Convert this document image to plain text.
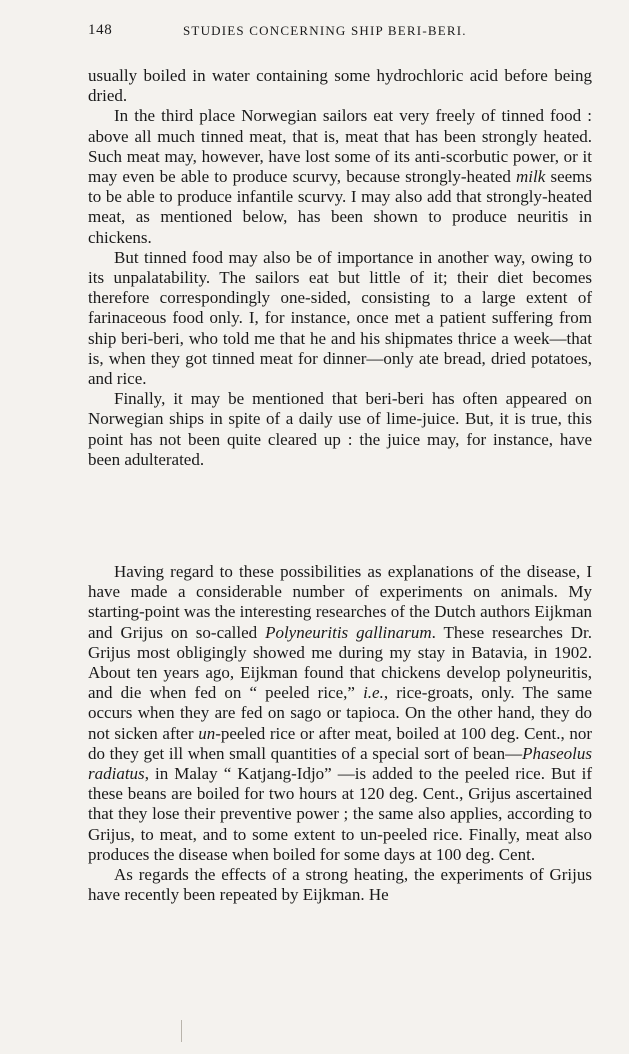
148	STUDIES CONCERNING SHIP BERI-BERI.

usually boiled in water containing some hydrochloric acid before being dried.

In the third place Norwegian sailors eat very freely of tinned food : above all much tinned meat, that is, meat that has been strongly heated. Such meat may, however, have lost some of its anti-scorbutic power, or it may even be able to produce scurvy, because strongly-heated milk seems to be able to produce infantile scurvy. I may also add that strongly-heated meat, as mentioned below, has been shown to produce neuritis in chickens.

But tinned food may also be of importance in another way, owing to its unpalatability. The sailors eat but little of it; their diet becomes therefore correspondingly one-sided, consisting to a large extent of farinaceous food only. I, for instance, once met a patient suffering from ship beri-beri, who told me that he and his shipmates thrice a week—that is, when they got tinned meat for dinner—only ate bread, dried potatoes, and rice.

Finally, it may be mentioned that beri-beri has often appeared on Norwegian ships in spite of a daily use of lime-juice. But, it is true, this point has not been quite cleared up : the juice may, for instance, have been adulterated.

Having regard to these possibilities as explanations of the disease, I have made a considerable number of experiments on animals. My starting-point was the interesting researches of the Dutch authors Eijkman and Grijus on so-called Polyneuritis gallinarum. These researches Dr. Grijus most obligingly showed me during my stay in Batavia, in 1902. About ten years ago, Eijkman found that chickens develop polyneuritis, and die when fed on “ peeled rice,” i.e., rice-groats, only. The same occurs when they are fed on sago or tapioca. On the other hand, they do not sicken after un-peeled rice or after meat, boiled at 100 deg. Cent., nor do they get ill when small quantities of a special sort of bean—Phaseolus radiatus, in Malay “ Katjang-Idjo” —is added to the peeled rice. But if these beans are boiled for two hours at 120 deg. Cent., Grijus ascertained that they lose their preventive power ; the same also applies, according to Grijus, to meat, and to some extent to un-peeled rice. Finally, meat also produces the disease when boiled for some days at 100 deg. Cent.

As regards the effects of a strong heating, the experiments of Grijus have recently been repeated by Eijkman. He
